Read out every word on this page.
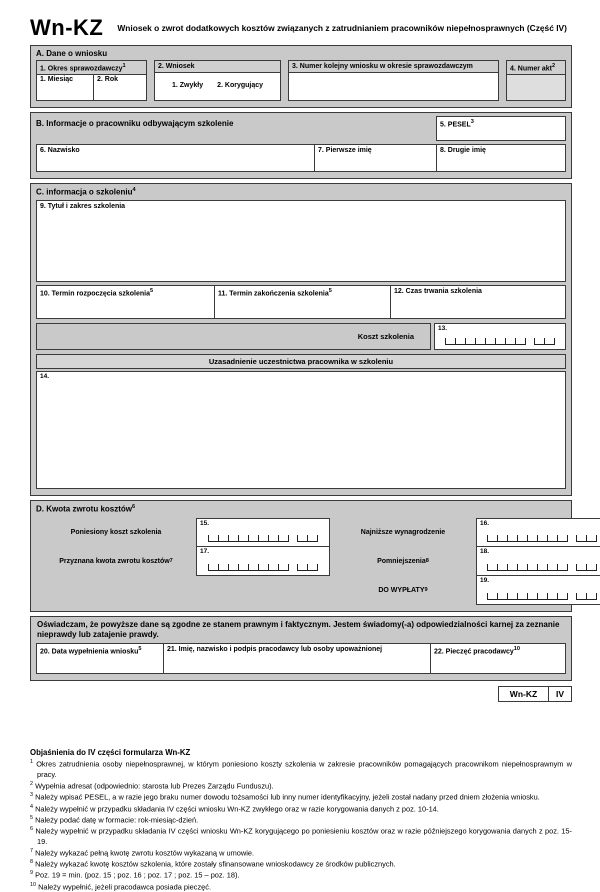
Wn-KZ Wniosek o zwrot dodatkowych kosztów związanych z zatrudnianiem pracowników niepełnosprawnych (Część IV)
A. Dane o wniosku
1. Okres sprawozdawczy$^1$
1. Miesiąc	2. Rok
2. Wniosek
1. Zwykły 2. Korygujący
3. Numer kolejny wniosku w okresie sprawozdawczym	4. Numer akt$^2$
B. Informacje o pracowniku odbywającym szkolenie	5. PESEL$^3$
6. Nazwisko	7. Pierwsze imię	8. Drugie imię
C. informacja o szkoleniu$^4$
9. Tytuł i zakres szkolenia
10. Termin rozpoczęcia szkolenia$^5$	11. Termin zakończenia szkolenia$^5$	12. Czas trwania szkolenia
Koszt szkolenia
13.
Uzasadnienie uczestnictwa pracownika w szkoleniu
14.
D. Kwota zwrotu kosztów$^6$
Poniesiony koszt szkolenia
15.
Najniższe wynagrodzenie
16.
Przyznana kwota zwrotu kosztów 7
17.
Pomniejszenia 8
18.
DO WYPŁATY 9
19.
Oświadczam, że powyższe dane są zgodne ze stanem prawnym i faktycznym. Jestem świadomy(-a) odpowiedzialności karnej za zeznanie nieprawdy lub zatajenie prawdy.
20. Data wypełnienia wniosku$^5$	21. Imię, nazwisko i podpis pracodawcy lub osoby upoważnionej	22. Pieczęć pracodawcy$^{10}$
Wn-KZ	IV
Objaśnienia do IV części formularza Wn-KZ
$^1$ Okres zatrudnienia osoby niepełnosprawnej, w którym poniesiono koszty szkolenia w zakresie pracowników pomagających pracownikom niepełnosprawnym w pracy.
$^2$ Wypełnia adresat (odpowiednio: starosta lub Prezes Zarządu Funduszu).
$^3$ Należy wpisać PESEL, a w razie jego braku numer dowodu tożsamości lub inny numer identyfikacyjny, jeżeli został nadany przed dniem złożenia wniosku.
$^4$ Należy wypełnić w przypadku składania IV części wniosku Wn-KZ zwykłego oraz w razie korygowania danych z poz. 10-14.
$^5$ Należy podać datę w formacie: rok-miesiąc-dzień.
$^6$ Należy wypełnić w przypadku składania IV części wniosku Wn-KZ korygującego po poniesieniu kosztów oraz w razie późniejszego korygowania danych z poz. 15-19.
$^7$ Należy wykazać pełną kwotę zwrotu kosztów wykazaną w umowie.
$^8$ Należy wykazać kwotę kosztów szkolenia, które zostały sfinansowane wnioskodawcy ze środków publicznych.
$^9$ Poz. 19 = min. (poz. 15 ; poz. 16 ; poz. 17 ; poz. 15 – poz. 18).
$^{10}$ Należy wypełnić, jeżeli pracodawca posiada pieczęć.
